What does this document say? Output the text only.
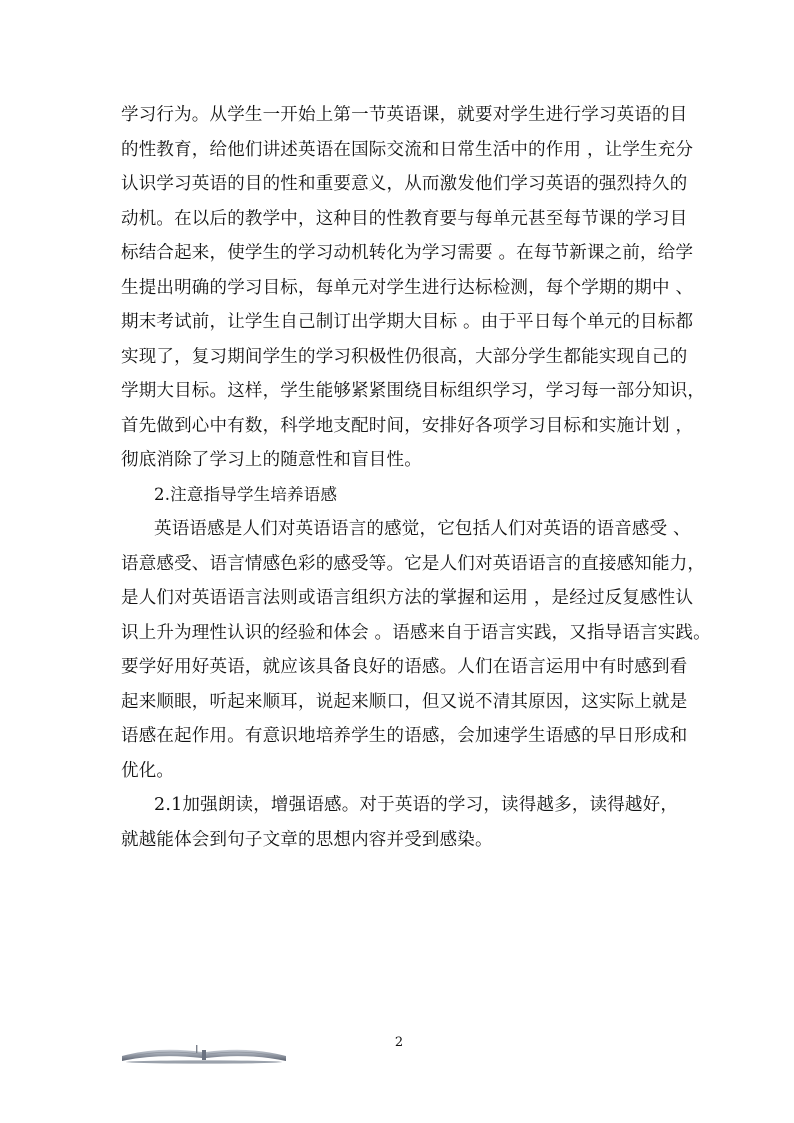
学习行为。从学生一开始上第一节英语课，就要对学生进行学习英语的目
的性教育，给他们讲述英语在国际交流和日常生活中的作用 ，让学生充分
认识学习英语的目的性和重要意义，从而激发他们学习英语的强烈持久的
动机。在以后的教学中，这种目的性教育要与每单元甚至每节课的学习目
标结合起来，使学生的学习动机转化为学习需要 。在每节新课之前，给学
生提出明确的学习目标，每单元对学生进行达标检测，每个学期的期中 、
期末考试前，让学生自己制订出学期大目标 。由于平日每个单元的目标都
实现了，复习期间学生的学习积极性仍很高，大部分学生都能实现自己的
学期大目标。这样，学生能够紧紧围绕目标组织学习，学习每一部分知识，
首先做到心中有数，科学地支配时间，安排好各项学习目标和实施计划 ，
彻底消除了学习上的随意性和盲目性。
2.注意指导学生培养语感
英语语感是人们对英语语言的感觉，它包括人们对英语的语音感受 、
语意感受、语言情感色彩的感受等。它是人们对英语语言的直接感知能力，
是人们对英语语言法则或语言组织方法的掌握和运用 ，是经过反复感性认
识上升为理性认识的经验和体会 。语感来自于语言实践，又指导语言实践。
要学好用好英语，就应该具备良好的语感。人们在语言运用中有时感到看
起来顺眼，听起来顺耳，说起来顺口，但又说不清其原因，这实际上就是
语感在起作用。有意识地培养学生的语感，会加速学生语感的早日形成和
优化。
2.1加强朗读，增强语感。对于英语的学习，读得越多，读得越好，
就越能体会到句子文章的思想内容并受到感染。
2
